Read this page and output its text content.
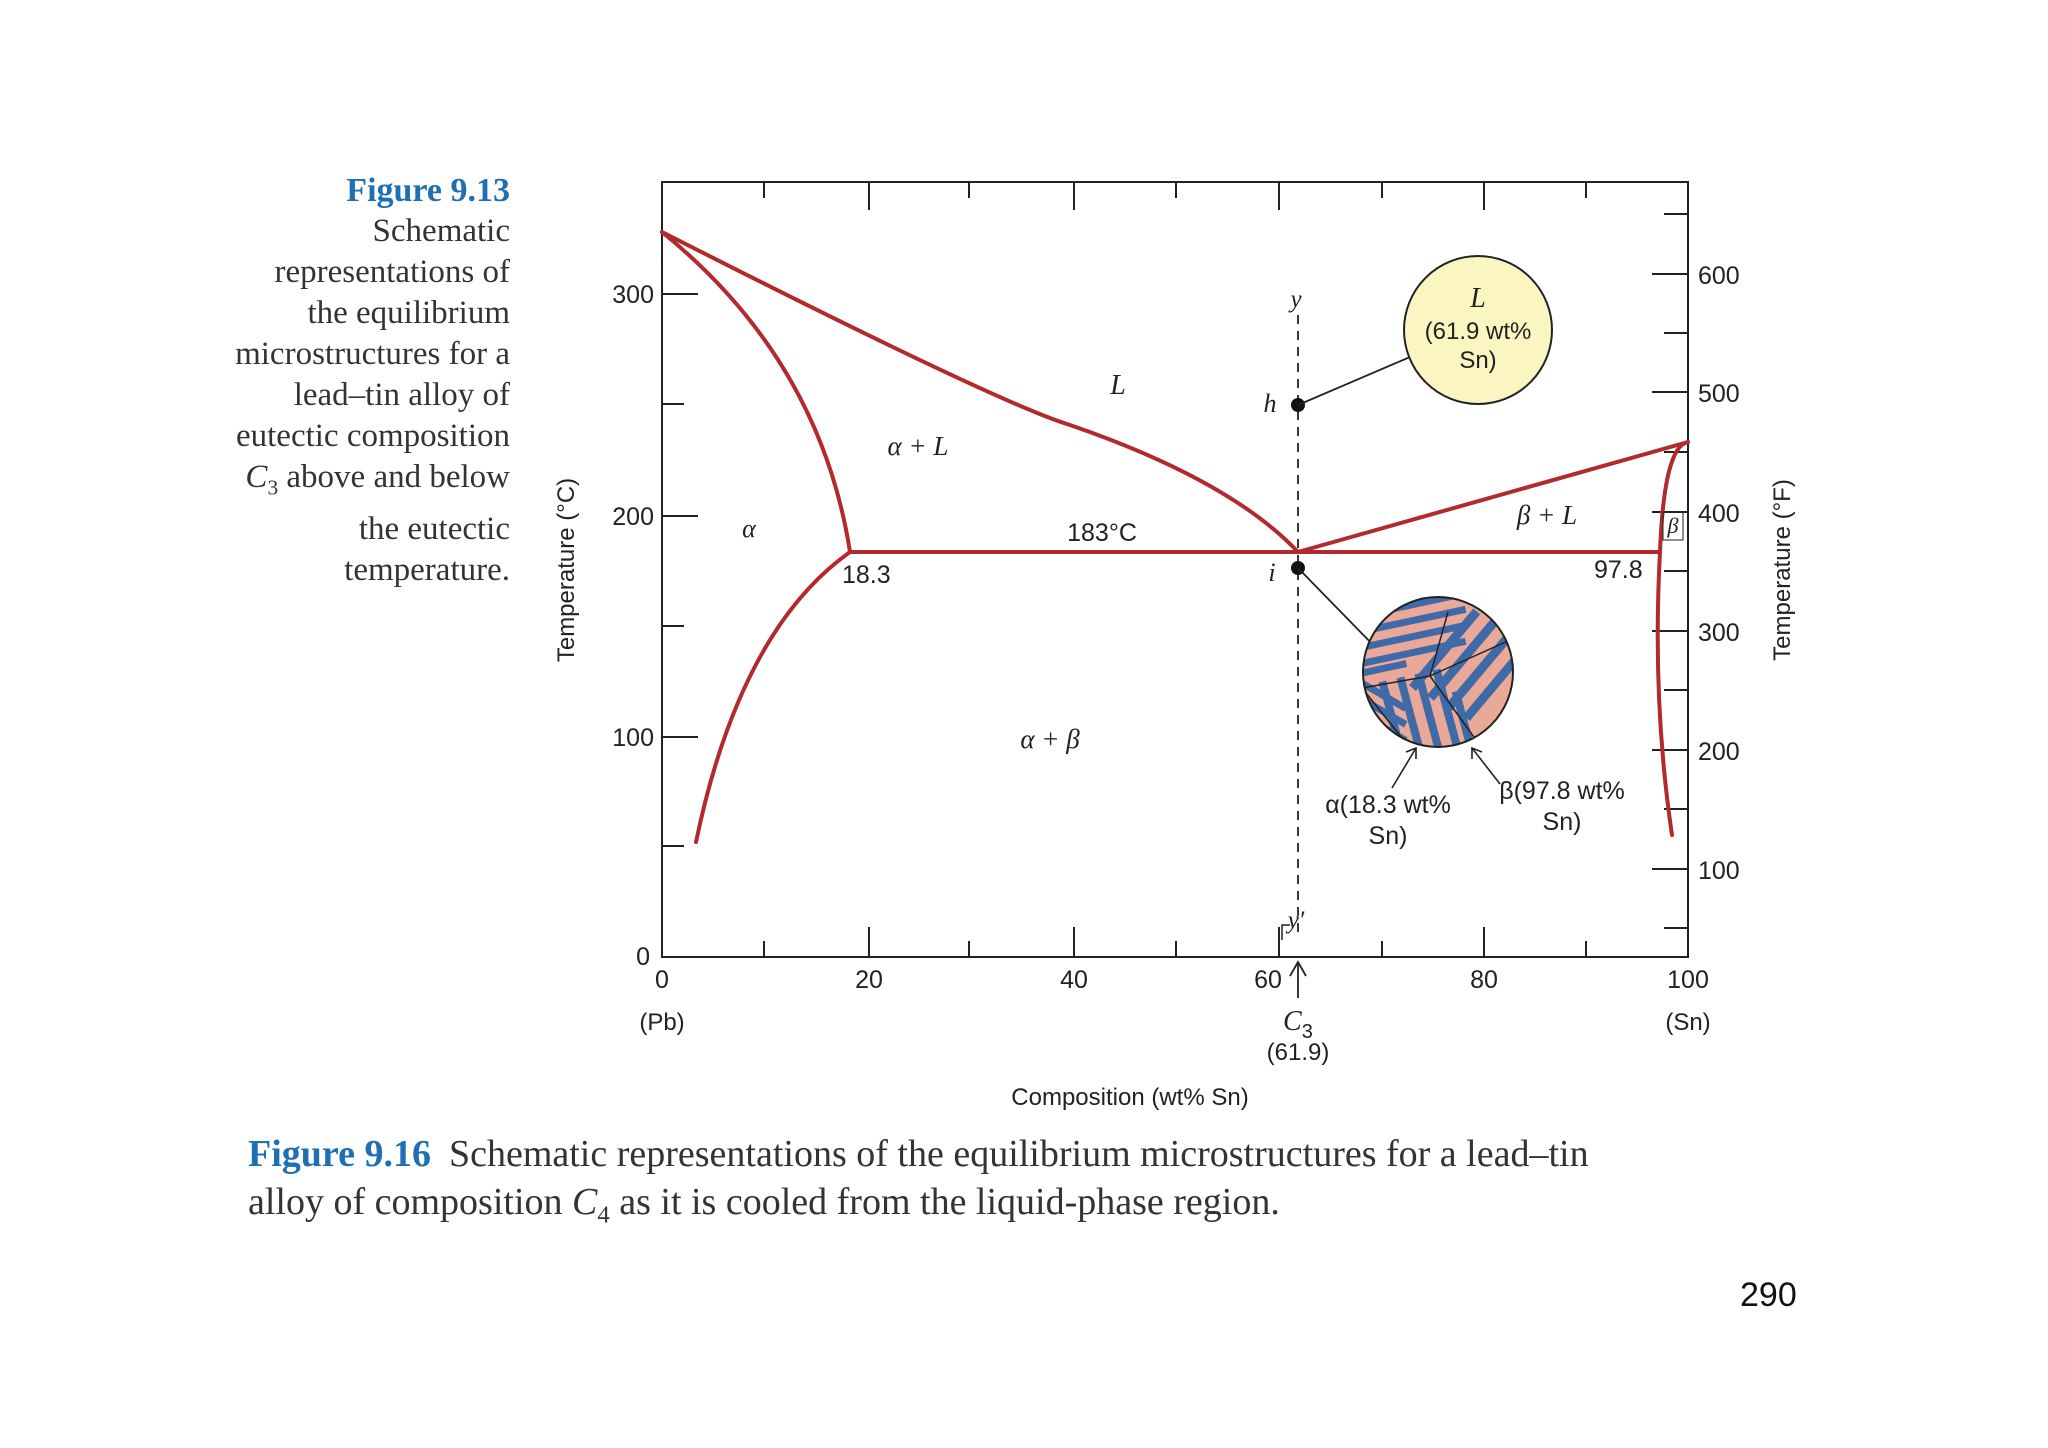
Figure 9.13
Schematic
representations of
the equilibrium
microstructures for a
lead–tin alloy of
eutectic composition
$C_3$ above and below
the eutectic
temperature.
0
100
200
300
100
200
300
400
500
600
0	20	40	60	80	100
(Pb)	(Sn)
Temperature (°C)	Temperature (°F)
Composition (wt% Sn)
$C_3$
(61.9)
L
α + L
α	β + L	β
α + β
183°C
18.3	97.8
y
h
i
y′
L
(61.9 wt%
Sn)
α(18.3 wt%
Sn)
β(97.8 wt%
Sn)
Figure 9.16 Schematic representations of the equilibrium microstructures for a lead–tin
alloy of composition $C_4$ as it is cooled from the liquid-phase region.
290
